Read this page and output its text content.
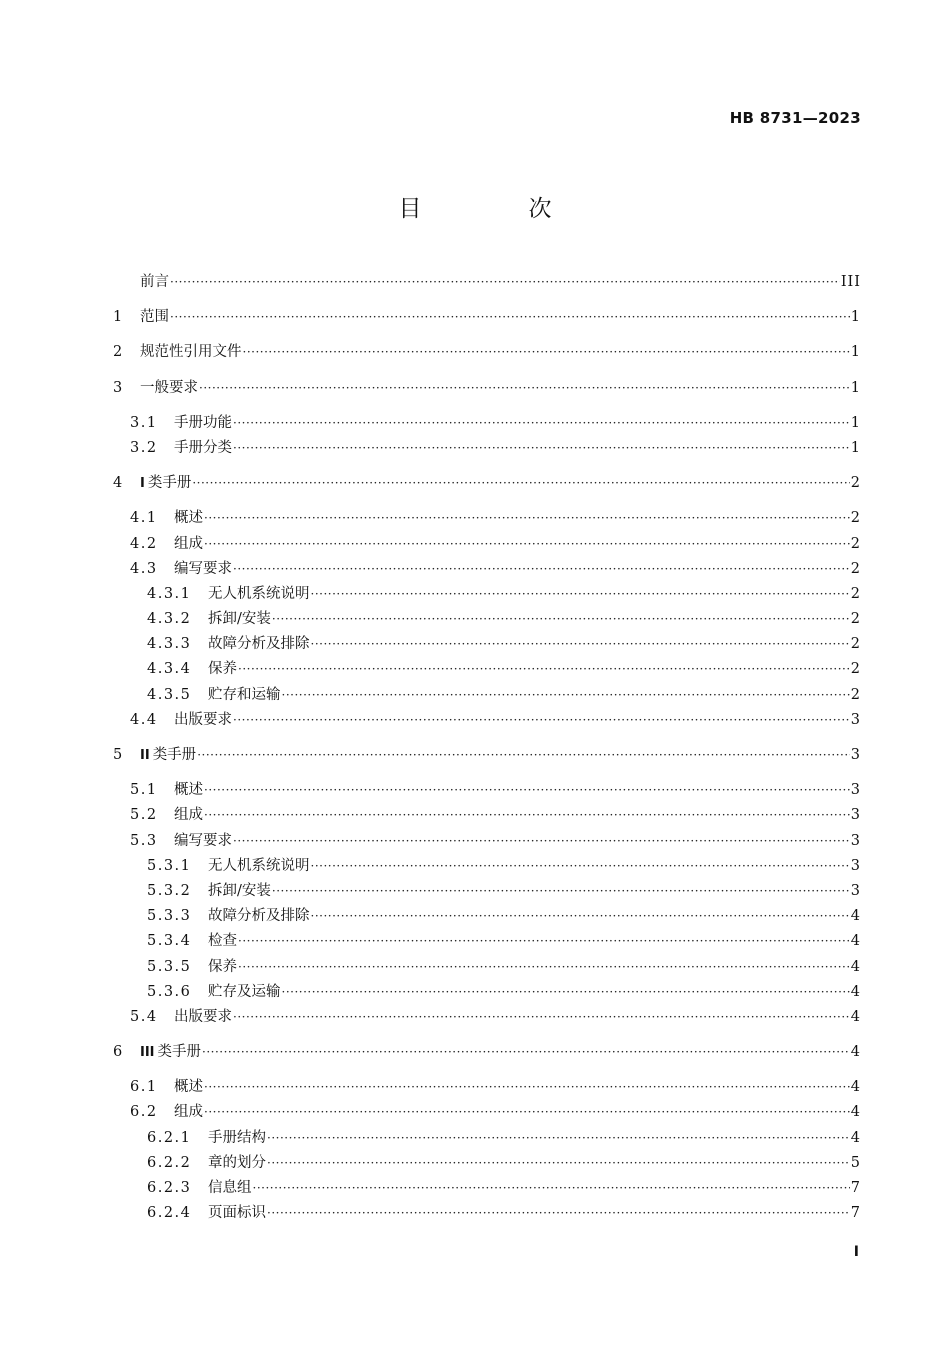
HB 8731—2023
目　次
前言 ·····	III
1	范围 ·····	1
2	规范性引用文件 ·····	1
3	一般要求 ·····	1
3.1	手册功能 ·····	1
3.2	手册分类 ·····	1
4	I 类手册 ·····	2
4.1	概述 ·····	2
4.2	组成 ·····	2
4.3	编写要求 ·····	2
4.3.1	无人机系统说明 ·····	2
4.3.2	拆卸/安装 ·····	2
4.3.3	故障分析及排除 ·····	2
4.3.4	保养 ·····	2
4.3.5	贮存和运输 ·····	2
4.4	出版要求 ·····	3
5	II 类手册 ·····	3
5.1	概述 ·····	3
5.2	组成 ·····	3
5.3	编写要求 ·····	3
5.3.1	无人机系统说明 ·····	3
5.3.2	拆卸/安装 ·····	3
5.3.3	故障分析及排除 ·····	4
5.3.4	检查 ·····	4
5.3.5	保养 ·····	4
5.3.6	贮存及运输 ·····	4
5.4	出版要求 ·····	4
6	III 类手册 ·····	4
6.1	概述 ·····	4
6.2	组成 ·····	4
6.2.1	手册结构 ·····	4
6.2.2	章的划分 ·····	5
6.2.3	信息组 ·····	7
6.2.4	页面标识 ·····	7
I
